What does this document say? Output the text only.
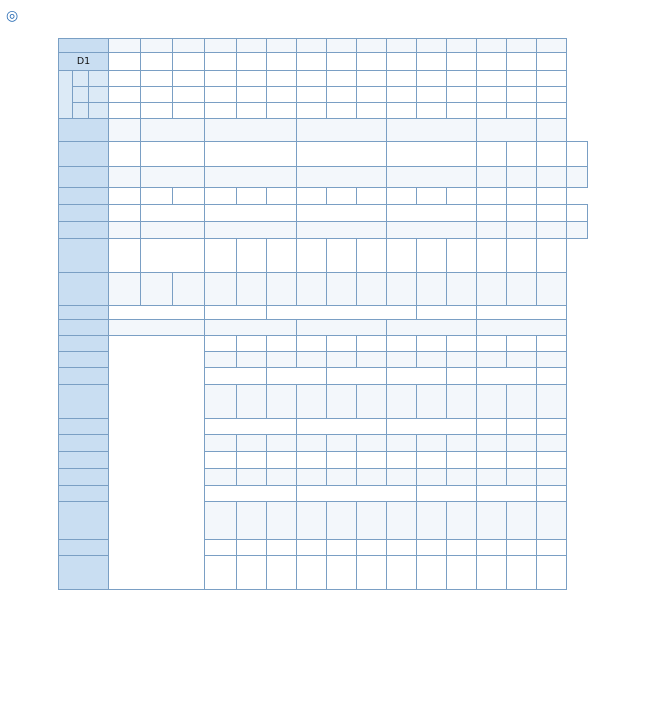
◎

D1																		
